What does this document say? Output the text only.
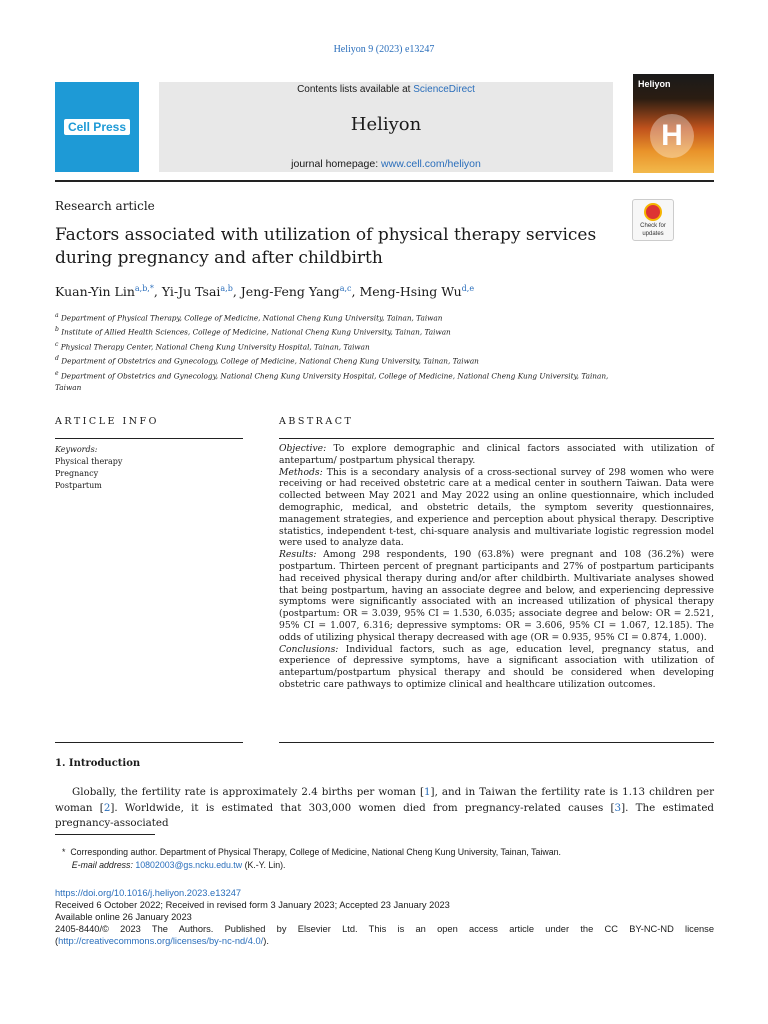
Heliyon 9 (2023) e13247
Cell Press
Contents lists available at ScienceDirect
Heliyon
journal homepage: www.cell.com/heliyon
Heliyon
H
Research article
Check for
updates
Factors associated with utilization of physical therapy services during pregnancy and after childbirth
Kuan-Yin Lin$^{a,b,*}$, Yi-Ju Tsai$^{a,b}$, Jeng-Feng Yang$^{a,c}$, Meng-Hsing Wu$^{d,e}$
$^a$ Department of Physical Therapy, College of Medicine, National Cheng Kung University, Tainan, Taiwan
$^b$ Institute of Allied Health Sciences, College of Medicine, National Cheng Kung University, Tainan, Taiwan
$^c$ Physical Therapy Center, National Cheng Kung University Hospital, Tainan, Taiwan
$^d$ Department of Obstetrics and Gynecology, College of Medicine, National Cheng Kung University, Tainan, Taiwan
$^e$ Department of Obstetrics and Gynecology, National Cheng Kung University Hospital, College of Medicine, National Cheng Kung University, Tainan, Taiwan
ARTICLE INFO	ABSTRACT
Keywords:
Physical therapy
Pregnancy
Postpartum

Objective: To explore demographic and clinical factors associated with utilization of antepartum/ postpartum physical therapy.

Methods: This is a secondary analysis of a cross-sectional survey of 298 women who were receiving or had received obstetric care at a medical center in southern Taiwan. Data were collected between May 2021 and May 2022 using an online questionnaire, which included demographic, medical, and obstetric details, the symptom severity questionnaires, management strategies, and experience and perception about physical therapy. Descriptive statistics, independent t-test, chi-square analysis and multivariate logistic regression model were used to analyze data.

Results: Among 298 respondents, 190 (63.8%) were pregnant and 108 (36.2%) were postpartum. Thirteen percent of pregnant participants and 27% of postpartum participants had received physical therapy during and/or after childbirth. Multivariate analyses showed that being postpartum, having an associate degree and below, and experiencing depressive symptoms were significantly associated with an increased utilization of physical therapy (postpartum: OR = 3.039, 95% CI = 1.530, 6.035; associate degree and below: OR = 2.521, 95% CI = 1.007, 6.316; depressive symptoms: OR = 3.606, 95% CI = 1.067, 12.185). The odds of utilizing physical therapy decreased with age (OR = 0.935, 95% CI = 0.874, 1.000).

Conclusions: Individual factors, such as age, education level, pregnancy status, and experience of depressive symptoms, have a significant association with utilization of antepartum/postpartum physical therapy and should be considered when developing obstetric care pathways to optimize clinical and healthcare utilization outcomes.

1. Introduction
Globally, the fertility rate is approximately 2.4 births per woman [1], and in Taiwan the fertility rate is 1.13 children per woman [2]. Worldwide, it is estimated that 303,000 women died from pregnancy-related causes [3]. The estimated pregnancy-associated
* Corresponding author. Department of Physical Therapy, College of Medicine, National Cheng Kung University, Tainan, Taiwan.
E-mail address: 10802003@gs.ncku.edu.tw (K.-Y. Lin).
https://doi.org/10.1016/j.heliyon.2023.e13247
Received 6 October 2022; Received in revised form 3 January 2023; Accepted 23 January 2023
Available online 26 January 2023
2405-8440/© 2023 The Authors. Published by Elsevier Ltd. This is an open access article under the CC BY-NC-ND license
(http://creativecommons.org/licenses/by-nc-nd/4.0/).
